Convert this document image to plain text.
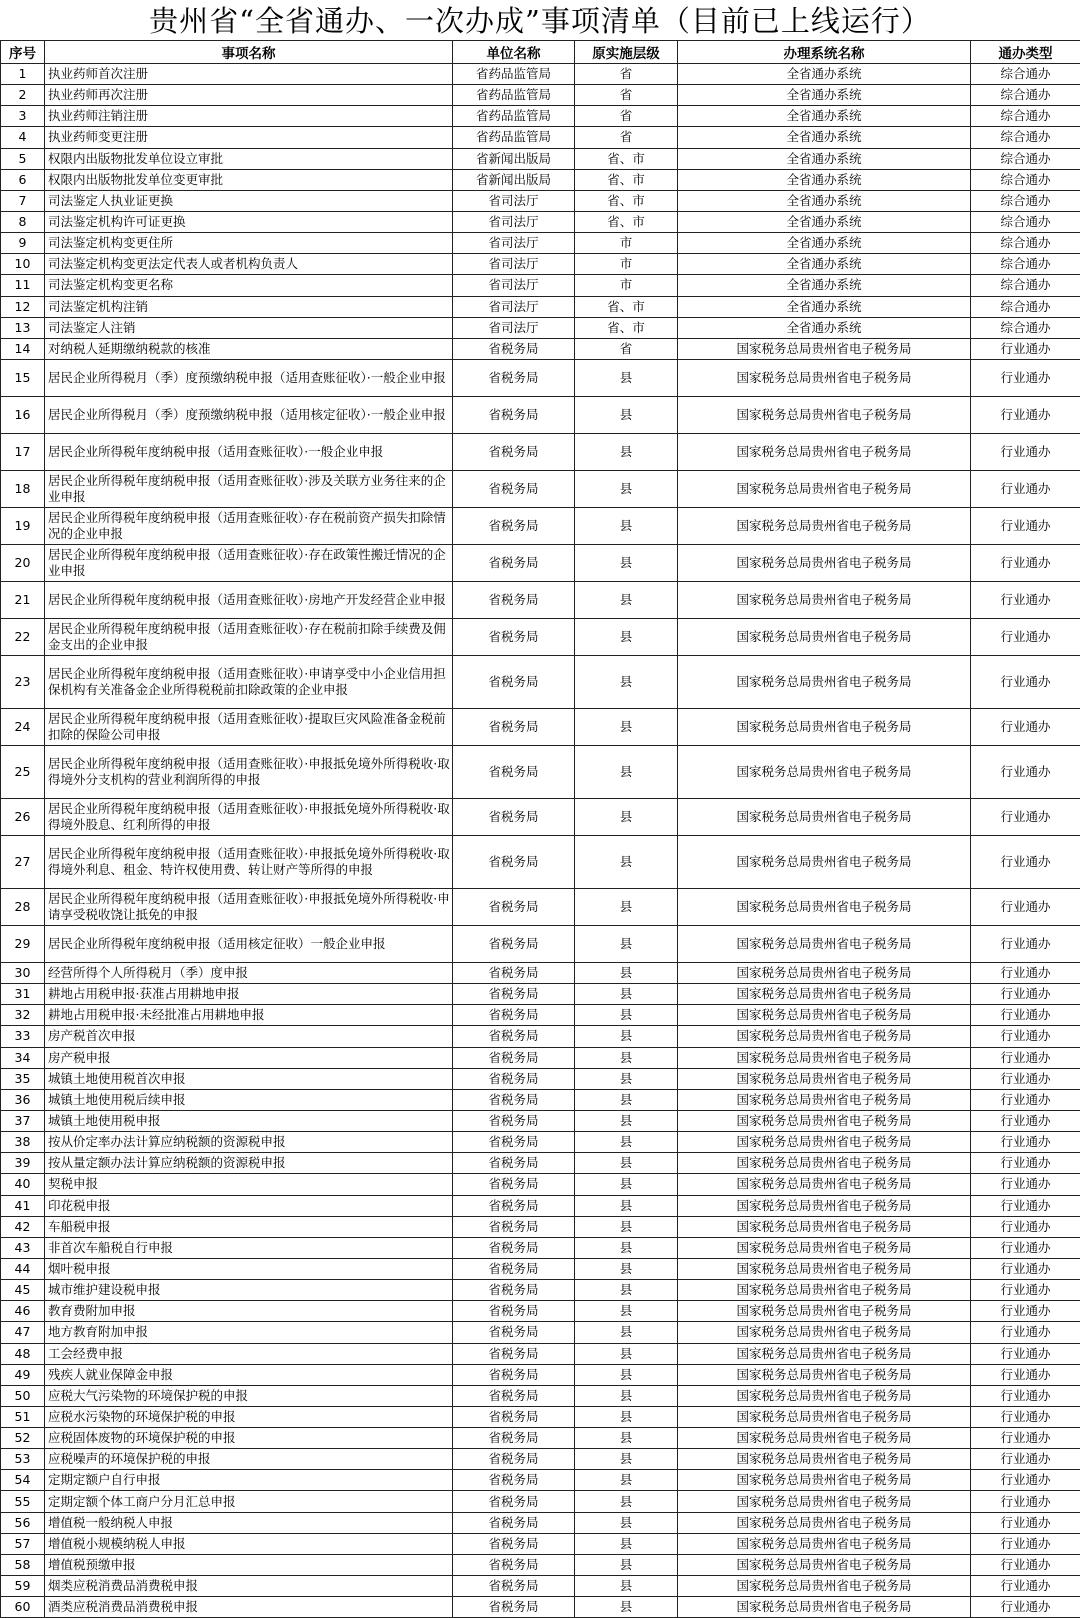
贵州省“全省通办、一次办成”事项清单（目前已上线运行）
序号	事项名称	单位名称	原实施层级	办理系统名称	通办类型
1	执业药师首次注册	省药品监管局	省	全省通办系统	综合通办
2	执业药师再次注册	省药品监管局	省	全省通办系统	综合通办
3	执业药师注销注册	省药品监管局	省	全省通办系统	综合通办
4	执业药师变更注册	省药品监管局	省	全省通办系统	综合通办
5	权限内出版物批发单位设立审批	省新闻出版局	省、市	全省通办系统	综合通办
6	权限内出版物批发单位变更审批	省新闻出版局	省、市	全省通办系统	综合通办
7	司法鉴定人执业证更换	省司法厅	省、市	全省通办系统	综合通办
8	司法鉴定机构许可证更换	省司法厅	省、市	全省通办系统	综合通办
9	司法鉴定机构变更住所	省司法厅	市	全省通办系统	综合通办
10	司法鉴定机构变更法定代表人或者机构负责人	省司法厅	市	全省通办系统	综合通办
11	司法鉴定机构变更名称	省司法厅	市	全省通办系统	综合通办
12	司法鉴定机构注销	省司法厅	省、市	全省通办系统	综合通办
13	司法鉴定人注销	省司法厅	省、市	全省通办系统	综合通办
14	对纳税人延期缴纳税款的核准	省税务局	省	国家税务总局贵州省电子税务局	行业通办
15	居民企业所得税月（季）度预缴纳税申报（适用查账征收）·一般企业申报	省税务局	县	国家税务总局贵州省电子税务局	行业通办
16	居民企业所得税月（季）度预缴纳税申报（适用核定征收）·一般企业申报	省税务局	县	国家税务总局贵州省电子税务局	行业通办
17	居民企业所得税年度纳税申报（适用查账征收）·一般企业申报	省税务局	县	国家税务总局贵州省电子税务局	行业通办
18	居民企业所得税年度纳税申报（适用查账征收）·涉及关联方业务往来的企业申报	省税务局	县	国家税务总局贵州省电子税务局	行业通办
19	居民企业所得税年度纳税申报（适用查账征收）·存在税前资产损失扣除情况的企业申报	省税务局	县	国家税务总局贵州省电子税务局	行业通办
20	居民企业所得税年度纳税申报（适用查账征收）·存在政策性搬迁情况的企业申报	省税务局	县	国家税务总局贵州省电子税务局	行业通办
21	居民企业所得税年度纳税申报（适用查账征收）·房地产开发经营企业申报	省税务局	县	国家税务总局贵州省电子税务局	行业通办
22	居民企业所得税年度纳税申报（适用查账征收）·存在税前扣除手续费及佣金支出的企业申报	省税务局	县	国家税务总局贵州省电子税务局	行业通办
23	居民企业所得税年度纳税申报（适用查账征收）·申请享受中小企业信用担保机构有关准备金企业所得税税前扣除政策的企业申报	省税务局	县	国家税务总局贵州省电子税务局	行业通办
24	居民企业所得税年度纳税申报（适用查账征收）·提取巨灾风险准备金税前扣除的保险公司申报	省税务局	县	国家税务总局贵州省电子税务局	行业通办
25	居民企业所得税年度纳税申报（适用查账征收）·申报抵免境外所得税收·取得境外分支机构的营业利润所得的申报	省税务局	县	国家税务总局贵州省电子税务局	行业通办
26	居民企业所得税年度纳税申报（适用查账征收）·申报抵免境外所得税收·取得境外股息、红利所得的申报	省税务局	县	国家税务总局贵州省电子税务局	行业通办
27	居民企业所得税年度纳税申报（适用查账征收）·申报抵免境外所得税收·取得境外利息、租金、特许权使用费、转让财产等所得的申报	省税务局	县	国家税务总局贵州省电子税务局	行业通办
28	居民企业所得税年度纳税申报（适用查账征收）·申报抵免境外所得税收·申请享受税收饶让抵免的申报	省税务局	县	国家税务总局贵州省电子税务局	行业通办
29	居民企业所得税年度纳税申报（适用核定征收）一般企业申报	省税务局	县	国家税务总局贵州省电子税务局	行业通办
30	经营所得个人所得税月（季）度申报	省税务局	县	国家税务总局贵州省电子税务局	行业通办
31	耕地占用税申报·获准占用耕地申报	省税务局	县	国家税务总局贵州省电子税务局	行业通办
32	耕地占用税申报·未经批准占用耕地申报	省税务局	县	国家税务总局贵州省电子税务局	行业通办
33	房产税首次申报	省税务局	县	国家税务总局贵州省电子税务局	行业通办
34	房产税申报	省税务局	县	国家税务总局贵州省电子税务局	行业通办
35	城镇土地使用税首次申报	省税务局	县	国家税务总局贵州省电子税务局	行业通办
36	城镇土地使用税后续申报	省税务局	县	国家税务总局贵州省电子税务局	行业通办
37	城镇土地使用税申报	省税务局	县	国家税务总局贵州省电子税务局	行业通办
38	按从价定率办法计算应纳税额的资源税申报	省税务局	县	国家税务总局贵州省电子税务局	行业通办
39	按从量定额办法计算应纳税额的资源税申报	省税务局	县	国家税务总局贵州省电子税务局	行业通办
40	契税申报	省税务局	县	国家税务总局贵州省电子税务局	行业通办
41	印花税申报	省税务局	县	国家税务总局贵州省电子税务局	行业通办
42	车船税申报	省税务局	县	国家税务总局贵州省电子税务局	行业通办
43	非首次车船税自行申报	省税务局	县	国家税务总局贵州省电子税务局	行业通办
44	烟叶税申报	省税务局	县	国家税务总局贵州省电子税务局	行业通办
45	城市维护建设税申报	省税务局	县	国家税务总局贵州省电子税务局	行业通办
46	教育费附加申报	省税务局	县	国家税务总局贵州省电子税务局	行业通办
47	地方教育附加申报	省税务局	县	国家税务总局贵州省电子税务局	行业通办
48	工会经费申报	省税务局	县	国家税务总局贵州省电子税务局	行业通办
49	残疾人就业保障金申报	省税务局	县	国家税务总局贵州省电子税务局	行业通办
50	应税大气污染物的环境保护税的申报	省税务局	县	国家税务总局贵州省电子税务局	行业通办
51	应税水污染物的环境保护税的申报	省税务局	县	国家税务总局贵州省电子税务局	行业通办
52	应税固体废物的环境保护税的申报	省税务局	县	国家税务总局贵州省电子税务局	行业通办
53	应税噪声的环境保护税的申报	省税务局	县	国家税务总局贵州省电子税务局	行业通办
54	定期定额户自行申报	省税务局	县	国家税务总局贵州省电子税务局	行业通办
55	定期定额个体工商户分月汇总申报	省税务局	县	国家税务总局贵州省电子税务局	行业通办
56	增值税一般纳税人申报	省税务局	县	国家税务总局贵州省电子税务局	行业通办
57	增值税小规模纳税人申报	省税务局	县	国家税务总局贵州省电子税务局	行业通办
58	增值税预缴申报	省税务局	县	国家税务总局贵州省电子税务局	行业通办
59	烟类应税消费品消费税申报	省税务局	县	国家税务总局贵州省电子税务局	行业通办
60	酒类应税消费品消费税申报	省税务局	县	国家税务总局贵州省电子税务局	行业通办
